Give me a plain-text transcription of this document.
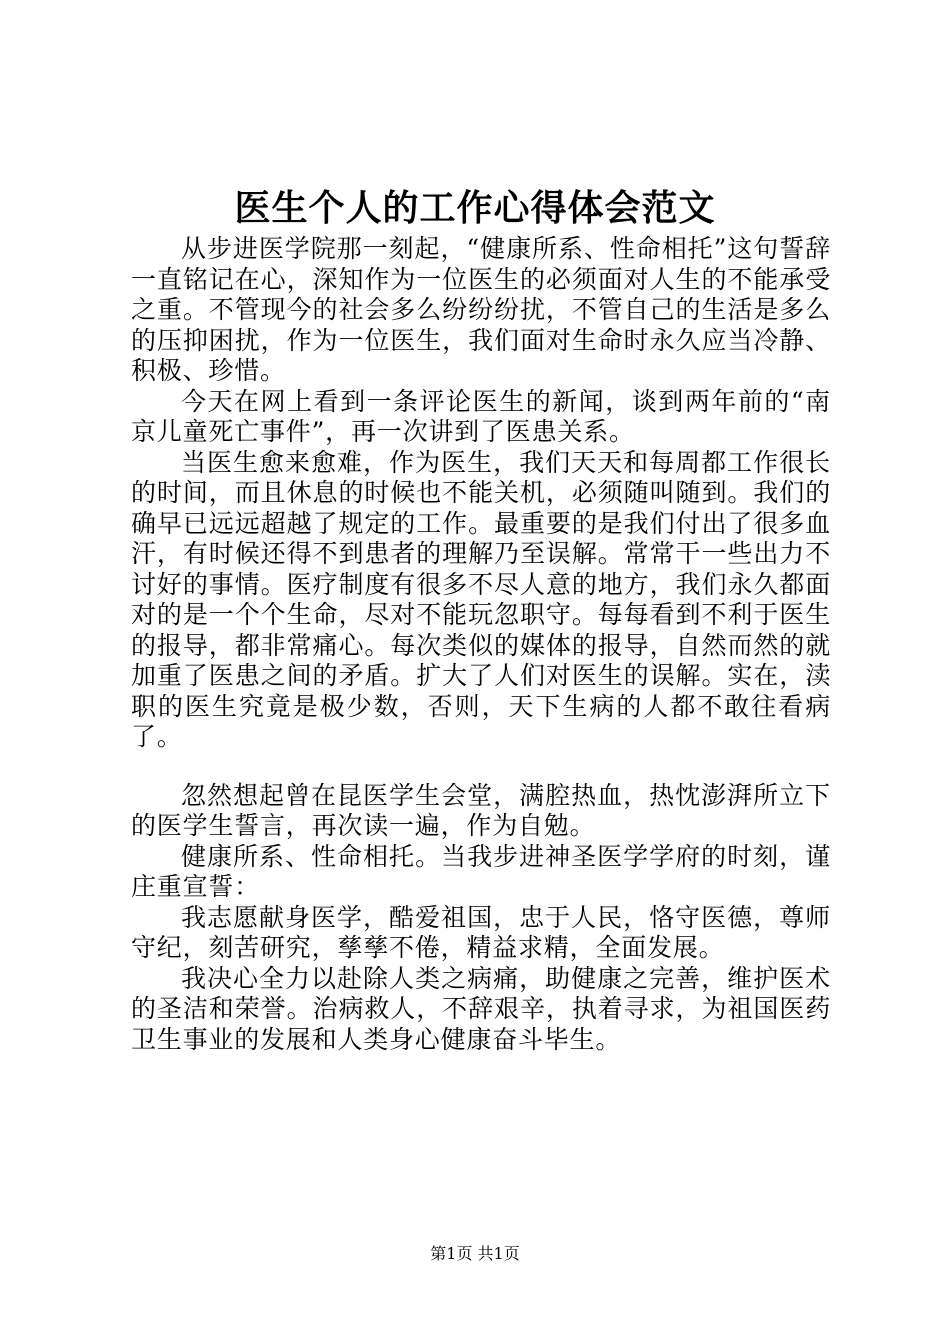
医生个人的工作心得体会范文

从步进医学院那一刻起，“健康所系、性命相托”这句誓辞一直铭记在心，深知作为一位医生的必须面对人生的不能承受之重。不管现今的社会多么纷纷纷扰，不管自己的生活是多么的压抑困扰，作为一位医生，我们面对生命时永久应当冷静、积极、珍惜。

今天在网上看到一条评论医生的新闻，谈到两年前的“南京儿童死亡事件”，再一次讲到了医患关系。

当医生愈来愈难，作为医生，我们天天和每周都工作很长的时间，而且休息的时候也不能关机，必须随叫随到。我们的确早已远远超越了规定的工作。最重要的是我们付出了很多血汗，有时候还得不到患者的理解乃至误解。常常干一些出力不讨好的事情。医疗制度有很多不尽人意的地方，我们永久都面对的是一个个生命，尽对不能玩忽职守。每每看到不利于医生的报导，都非常痛心。每次类似的媒体的报导，自然而然的就加重了医患之间的矛盾。扩大了人们对医生的误解。实在，渎职的医生究竟是极少数，否则，天下生病的人都不敢往看病了。

忽然想起曾在昆医学生会堂，满腔热血，热忱澎湃所立下的医学生誓言，再次读一遍，作为自勉。

健康所系、性命相托。当我步进神圣医学学府的时刻，谨庄重宣誓：

我志愿献身医学，酷爱祖国，忠于人民，恪守医德，尊师守纪，刻苦研究，孳孳不倦，精益求精，全面发展。

我决心全力以赴除人类之病痛，助健康之完善，维护医术的圣洁和荣誉。治病救人，不辞艰辛，执着寻求，为祖国医药卫生事业的发展和人类身心健康奋斗毕生。

第1页 共1页
